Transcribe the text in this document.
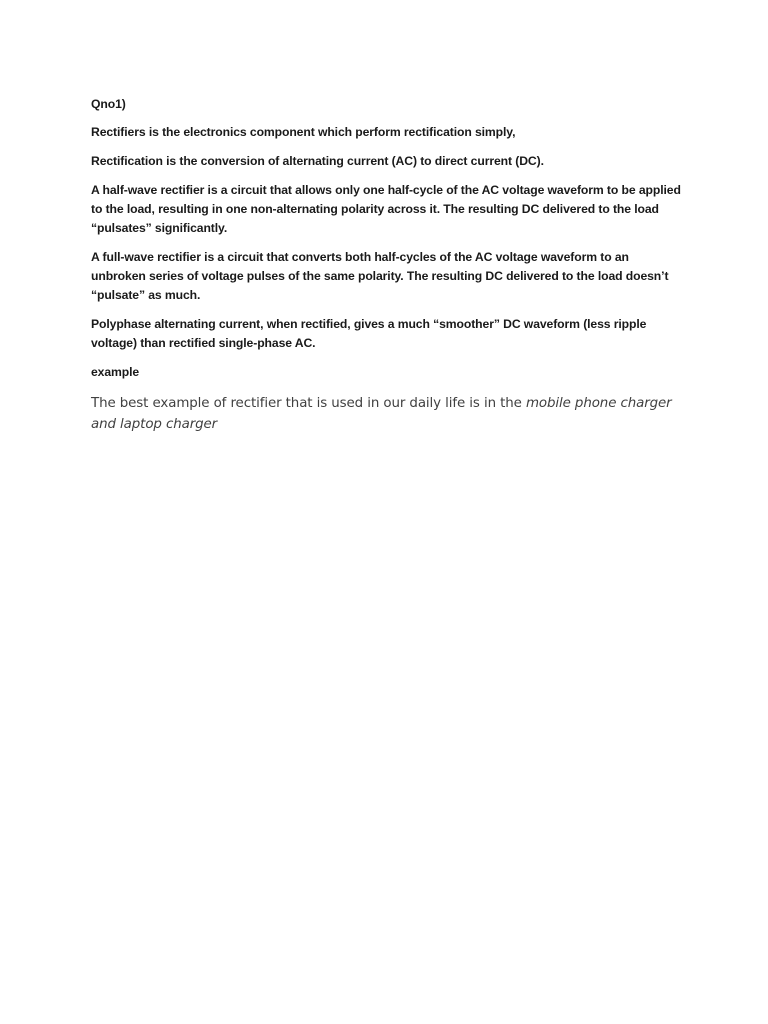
Qno1)

Rectifiers is the electronics component which perform rectification simply,

Rectification is the conversion of alternating current (AC) to direct current (DC).

A half-wave rectifier is a circuit that allows only one half-cycle of the AC voltage waveform to be applied to the load, resulting in one non-alternating polarity across it. The resulting DC delivered to the load “pulsates” significantly.

A full-wave rectifier is a circuit that converts both half-cycles of the AC voltage waveform to an unbroken series of voltage pulses of the same polarity. The resulting DC delivered to the load doesn’t “pulsate” as much.

Polyphase alternating current, when rectified, gives a much “smoother” DC waveform (less ripple voltage) than rectified single-phase AC.

example

The best example of rectifier that is used in our daily life is in the mobile phone charger and laptop charger
